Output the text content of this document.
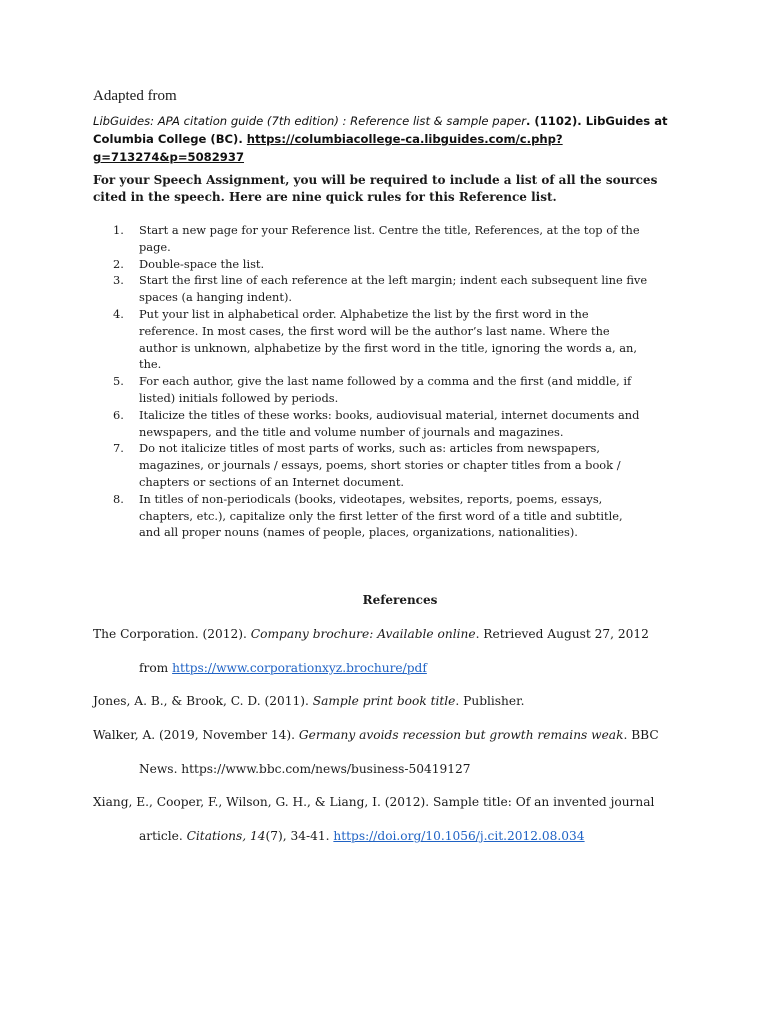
Adapted from
LibGuides: APA citation guide (7th edition) : Reference list & sample paper. (1102). LibGuides at
Columbia College (BC). https://columbiacollege-ca.libguides.com/c.php?g=713274&p=5082937
For your Speech Assignment, you will be required to include a list of all the sources
cited in the speech. Here are nine quick rules for this Reference list.
1. Start a new page for your Reference list. Centre the title, References, at the top of the
page.
2. Double-space the list.
3. Start the first line of each reference at the left margin; indent each subsequent line five
spaces (a hanging indent).
4. Put your list in alphabetical order. Alphabetize the list by the first word in the
reference. In most cases, the first word will be the author’s last name. Where the
author is unknown, alphabetize by the first word in the title, ignoring the words a, an,
the.
5. For each author, give the last name followed by a comma and the first (and middle, if
listed) initials followed by periods.
6. Italicize the titles of these works: books, audiovisual material, internet documents and
newspapers, and the title and volume number of journals and magazines.
7. Do not italicize titles of most parts of works, such as: articles from newspapers,
magazines, or journals / essays, poems, short stories or chapter titles from a book /
chapters or sections of an Internet document.
8. In titles of non-periodicals (books, videotapes, websites, reports, poems, essays,
chapters, etc.), capitalize only the first letter of the first word of a title and subtitle,
and all proper nouns (names of people, places, organizations, nationalities).
References
The Corporation. (2012). Company brochure: Available online. Retrieved August 27, 2012
from https://www.corporationxyz.brochure/pdf
Jones, A. B., & Brook, C. D. (2011). Sample print book title. Publisher.
Walker, A. (2019, November 14). Germany avoids recession but growth remains weak. BBC
News. https://www.bbc.com/news/business-50419127
Xiang, E., Cooper, F., Wilson, G. H., & Liang, I. (2012). Sample title: Of an invented journal
article. Citations, 14(7), 34-41. https://doi.org/10.1056/j.cit.2012.08.034
